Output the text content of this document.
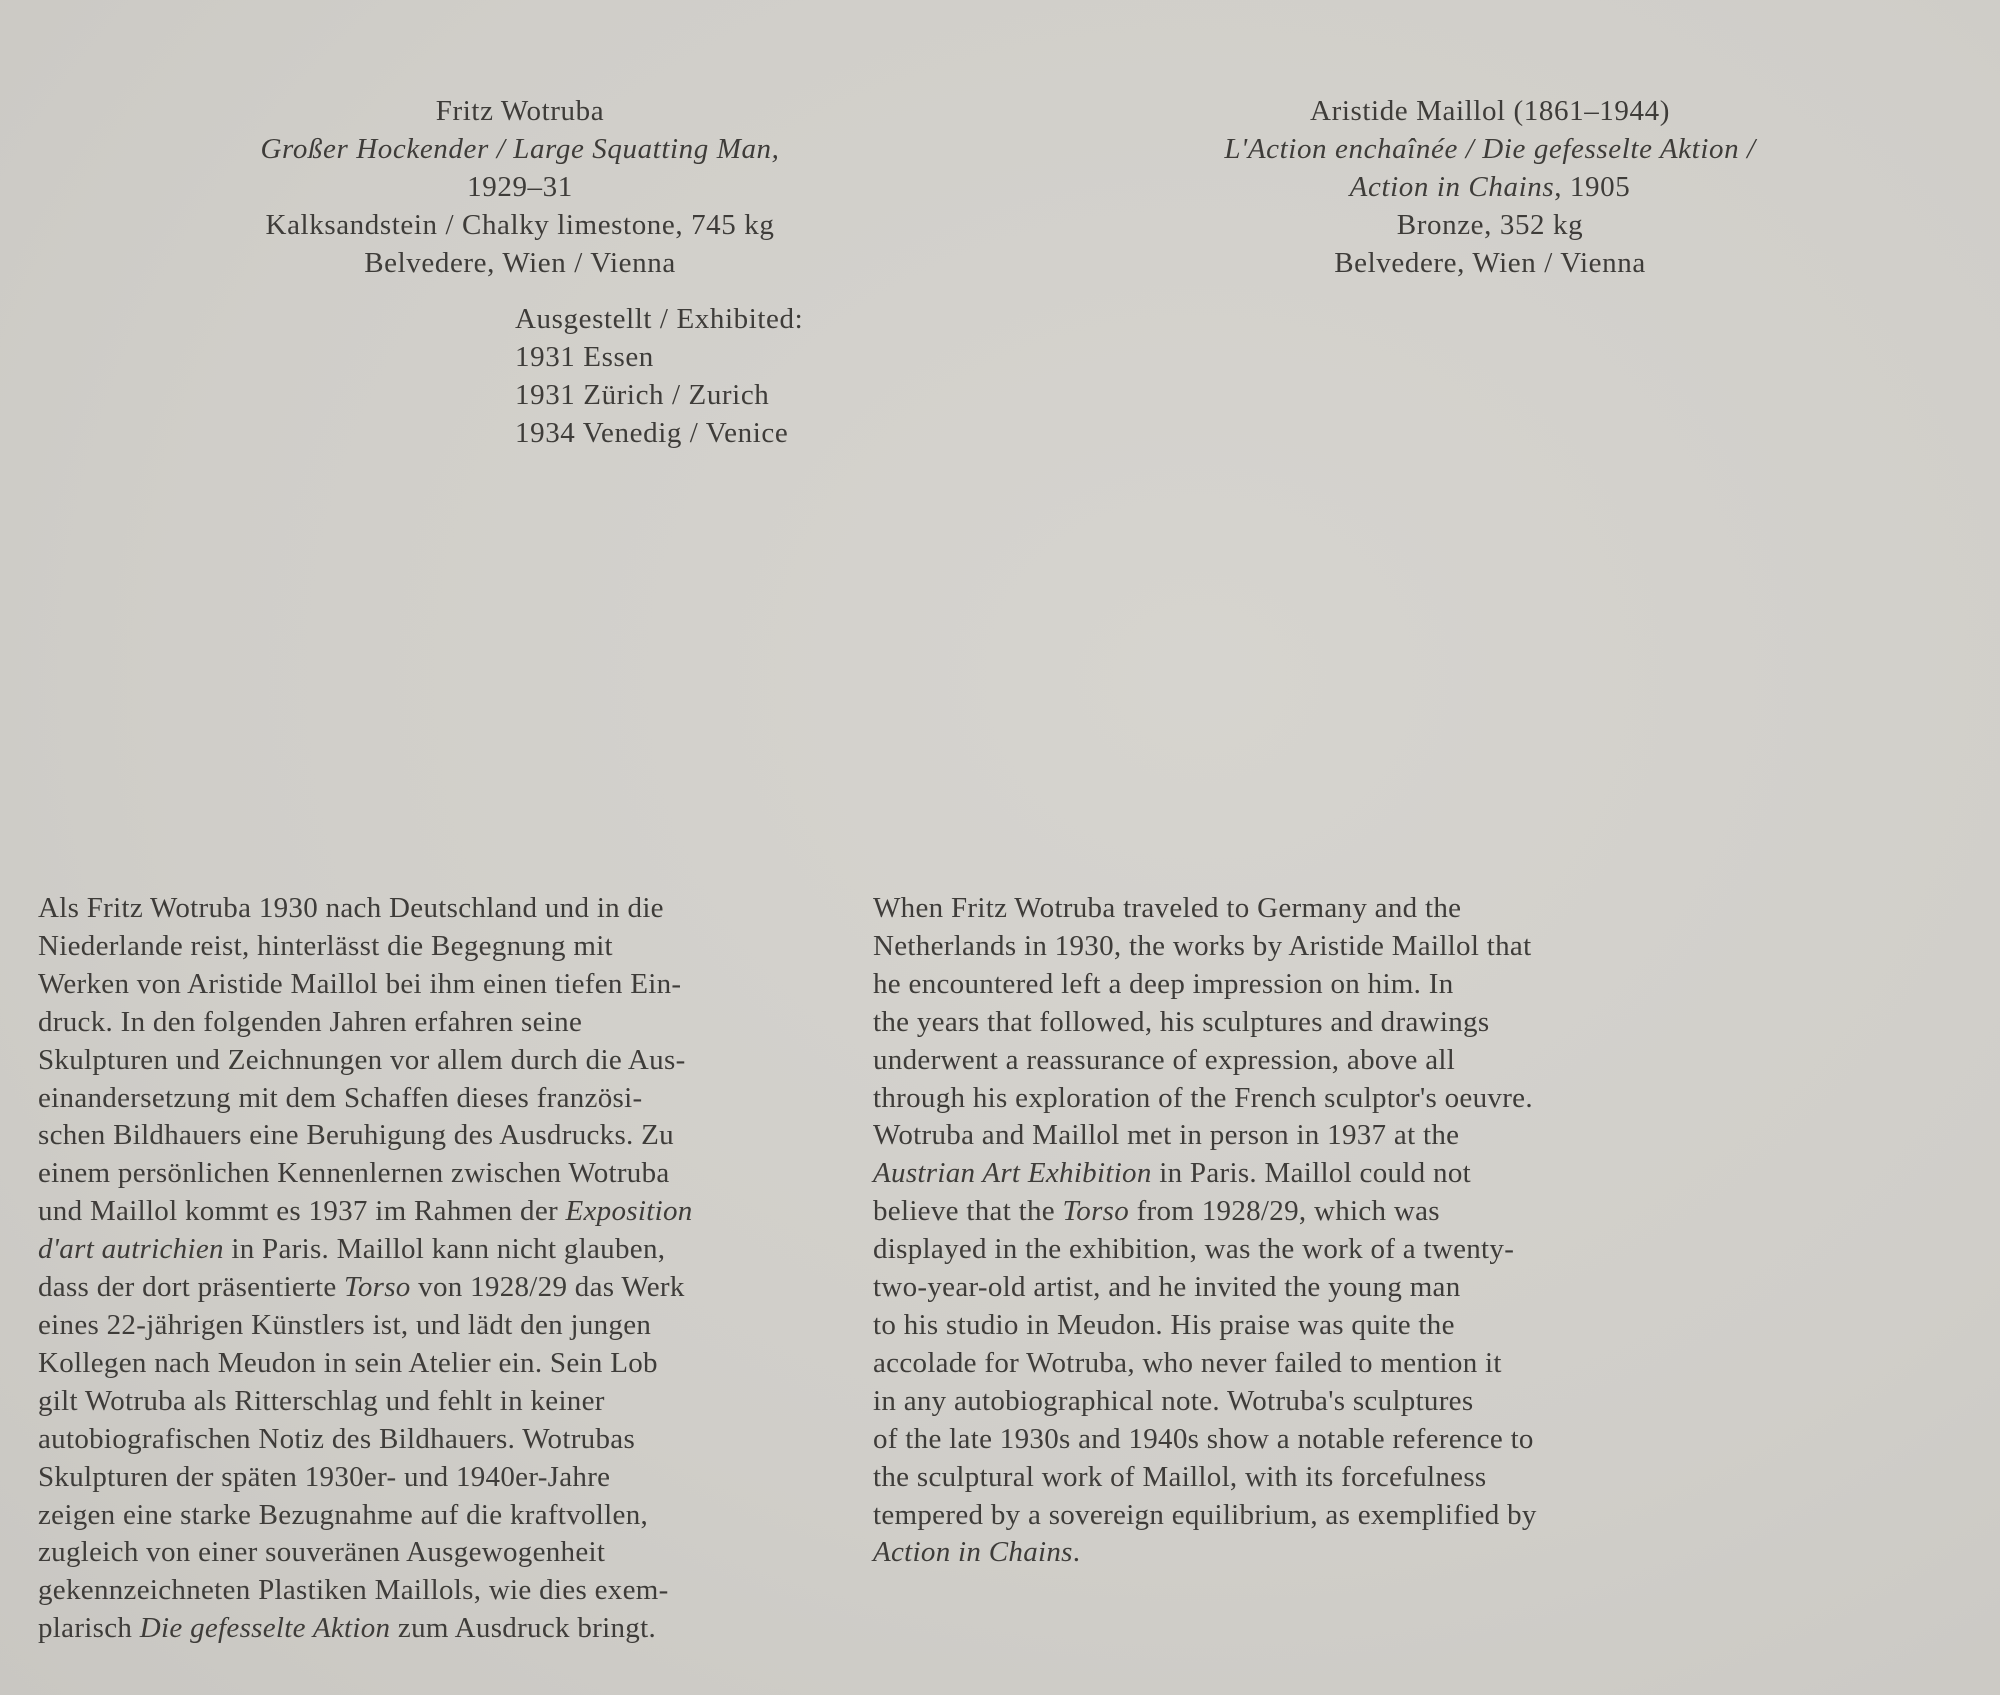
Fritz Wotruba
Großer Hockender / Large Squatting Man,
1929–31
Kalksandstein / Chalky limestone, 745 kg
Belvedere, Wien / Vienna
Ausgestellt / Exhibited:
1931 Essen
1931 Zürich / Zurich
1934 Venedig / Venice
Aristide Maillol (1861–1944)
L'Action enchaînée / Die gefesselte Aktion /
Action in Chains, 1905
Bronze, 352 kg
Belvedere, Wien / Vienna
Als Fritz Wotruba 1930 nach Deutschland und in die
Niederlande reist, hinterlässt die Begegnung mit
Werken von Aristide Maillol bei ihm einen tiefen Ein-
druck. In den folgenden Jahren erfahren seine
Skulpturen und Zeichnungen vor allem durch die Aus-
einandersetzung mit dem Schaffen dieses französi-
schen Bildhauers eine Beruhigung des Ausdrucks. Zu
einem persönlichen Kennenlernen zwischen Wotruba
und Maillol kommt es 1937 im Rahmen der Exposition
d'art autrichien in Paris. Maillol kann nicht glauben,
dass der dort präsentierte Torso von 1928/29 das Werk
eines 22-jährigen Künstlers ist, und lädt den jungen
Kollegen nach Meudon in sein Atelier ein. Sein Lob
gilt Wotruba als Ritterschlag und fehlt in keiner
autobiografischen Notiz des Bildhauers. Wotrubas
Skulpturen der späten 1930er- und 1940er-Jahre
zeigen eine starke Bezugnahme auf die kraftvollen,
zugleich von einer souveränen Ausgewogenheit
gekennzeichneten Plastiken Maillols, wie dies exem-
plarisch Die gefesselte Aktion zum Ausdruck bringt.
When Fritz Wotruba traveled to Germany and the
Netherlands in 1930, the works by Aristide Maillol that
he encountered left a deep impression on him. In
the years that followed, his sculptures and drawings
underwent a reassurance of expression, above all
through his exploration of the French sculptor's oeuvre.
Wotruba and Maillol met in person in 1937 at the
Austrian Art Exhibition in Paris. Maillol could not
believe that the Torso from 1928/29, which was
displayed in the exhibition, was the work of a twenty-
two-year-old artist, and he invited the young man
to his studio in Meudon. His praise was quite the
accolade for Wotruba, who never failed to mention it
in any autobiographical note. Wotruba's sculptures
of the late 1930s and 1940s show a notable reference to
the sculptural work of Maillol, with its forcefulness
tempered by a sovereign equilibrium, as exemplified by
Action in Chains.
